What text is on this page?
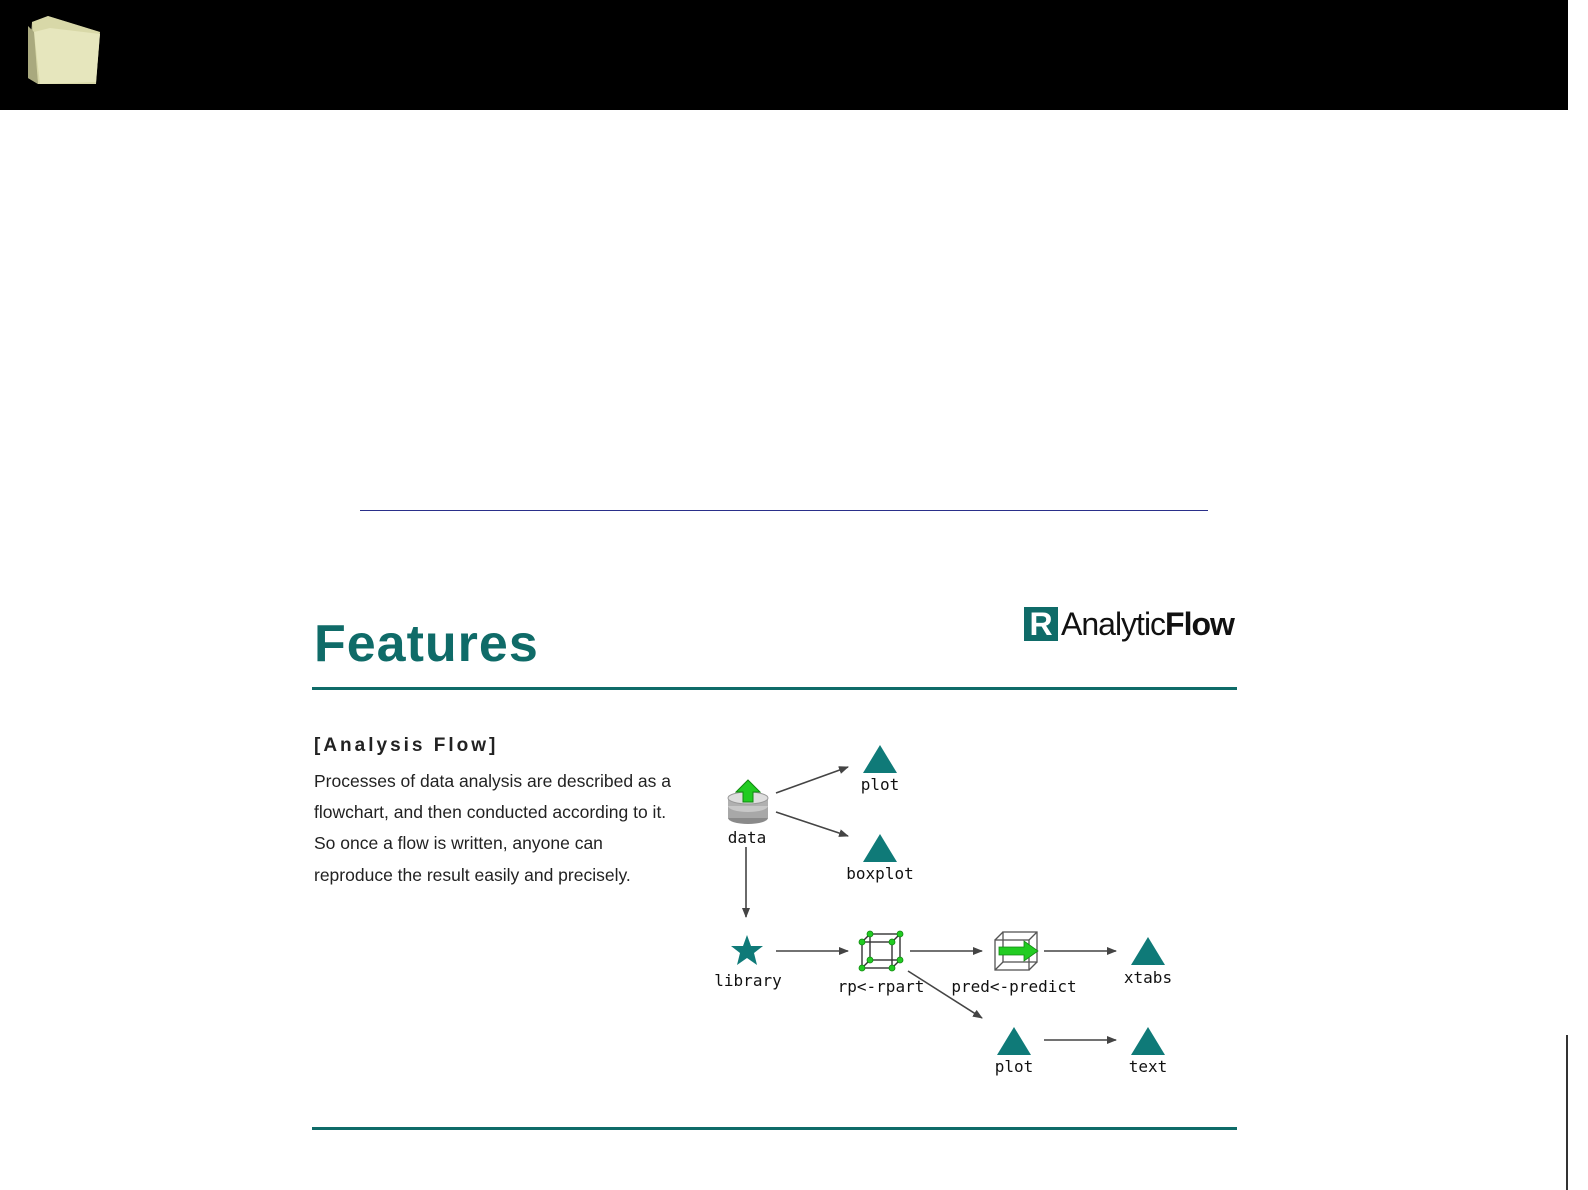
Features	R Analytic Flow
[Analysis Flow]

Processes of data analysis are described as a flowchart, and then conducted according to it. So once a flow is written, anyone can reproduce the result easily and precisely.

data
plot
boxplot
library	rp<-rpart pred<-predict	xtabs
plot	text
